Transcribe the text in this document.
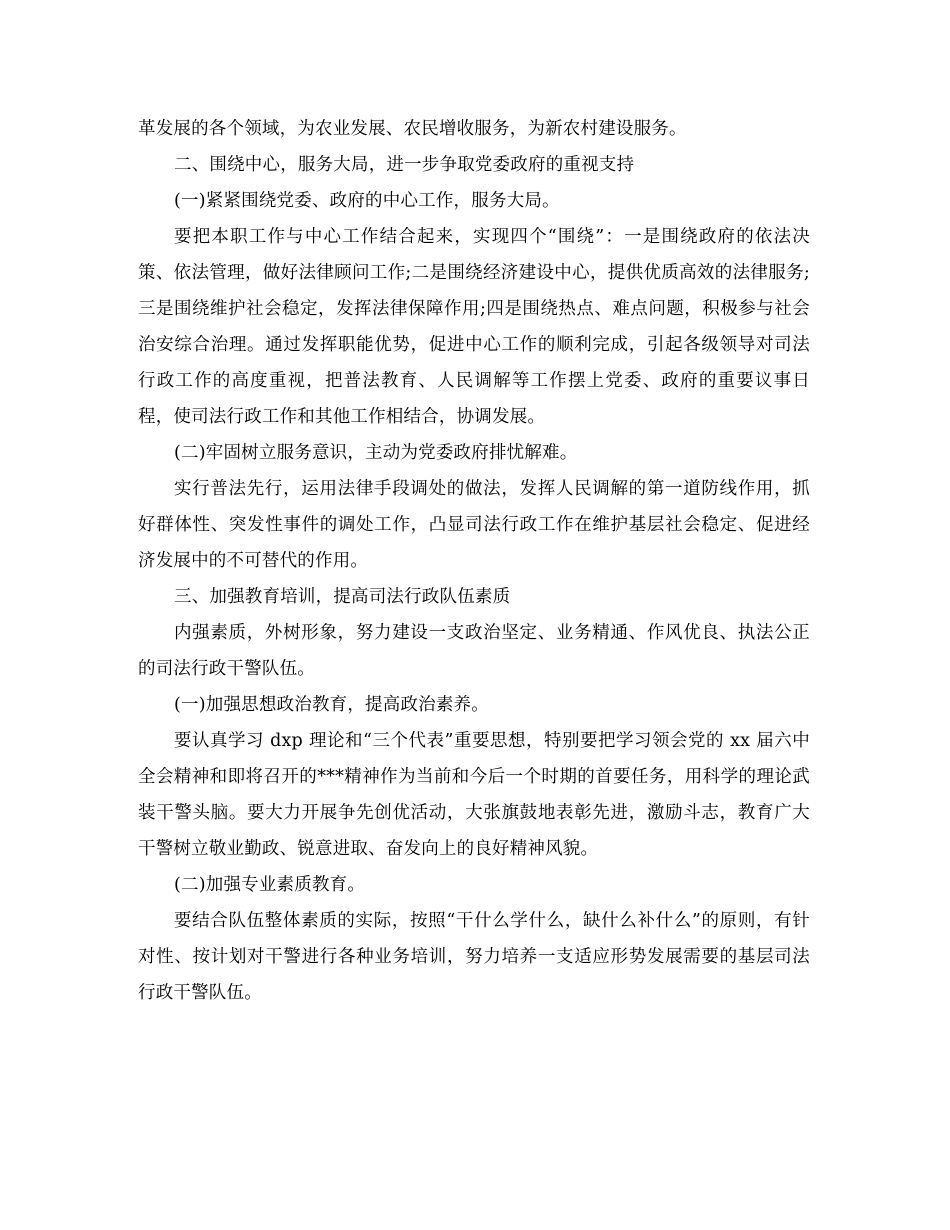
革发展的各个领域，为农业发展、农民增收服务，为新农村建设服务。

二、围绕中心，服务大局，进一步争取党委政府的重视支持

(一)紧紧围绕党委、政府的中心工作，服务大局。

要把本职工作与中心工作结合起来，实现四个“围绕”：一是围绕政府的依法决策、依法管理，做好法律顾问工作;二是围绕经济建设中心，提供优质高效的法律服务;三是围绕维护社会稳定，发挥法律保障作用;四是围绕热点、难点问题，积极参与社会治安综合治理。通过发挥职能优势，促进中心工作的顺利完成，引起各级领导对司法行政工作的高度重视，把普法教育、人民调解等工作摆上党委、政府的重要议事日程，使司法行政工作和其他工作相结合，协调发展。

(二)牢固树立服务意识，主动为党委政府排忧解难。

实行普法先行，运用法律手段调处的做法，发挥人民调解的第一道防线作用，抓好群体性、突发性事件的调处工作，凸显司法行政工作在维护基层社会稳定、促进经济发展中的不可替代的作用。

三、加强教育培训，提高司法行政队伍素质

内强素质，外树形象，努力建设一支政治坚定、业务精通、作风优良、执法公正的司法行政干警队伍。

(一)加强思想政治教育，提高政治素养。

要认真学习 dxp 理论和“三个代表”重要思想，特别要把学习领会党的 xx 届六中全会精神和即将召开的***精神作为当前和今后一个时期的首要任务，用科学的理论武装干警头脑。要大力开展争先创优活动，大张旗鼓地表彰先进，激励斗志，教育广大干警树立敬业勤政、锐意进取、奋发向上的良好精神风貌。

(二)加强专业素质教育。

要结合队伍整体素质的实际，按照“干什么学什么，缺什么补什么”的原则，有针对性、按计划对干警进行各种业务培训，努力培养一支适应形势发展需要的基层司法行政干警队伍。
